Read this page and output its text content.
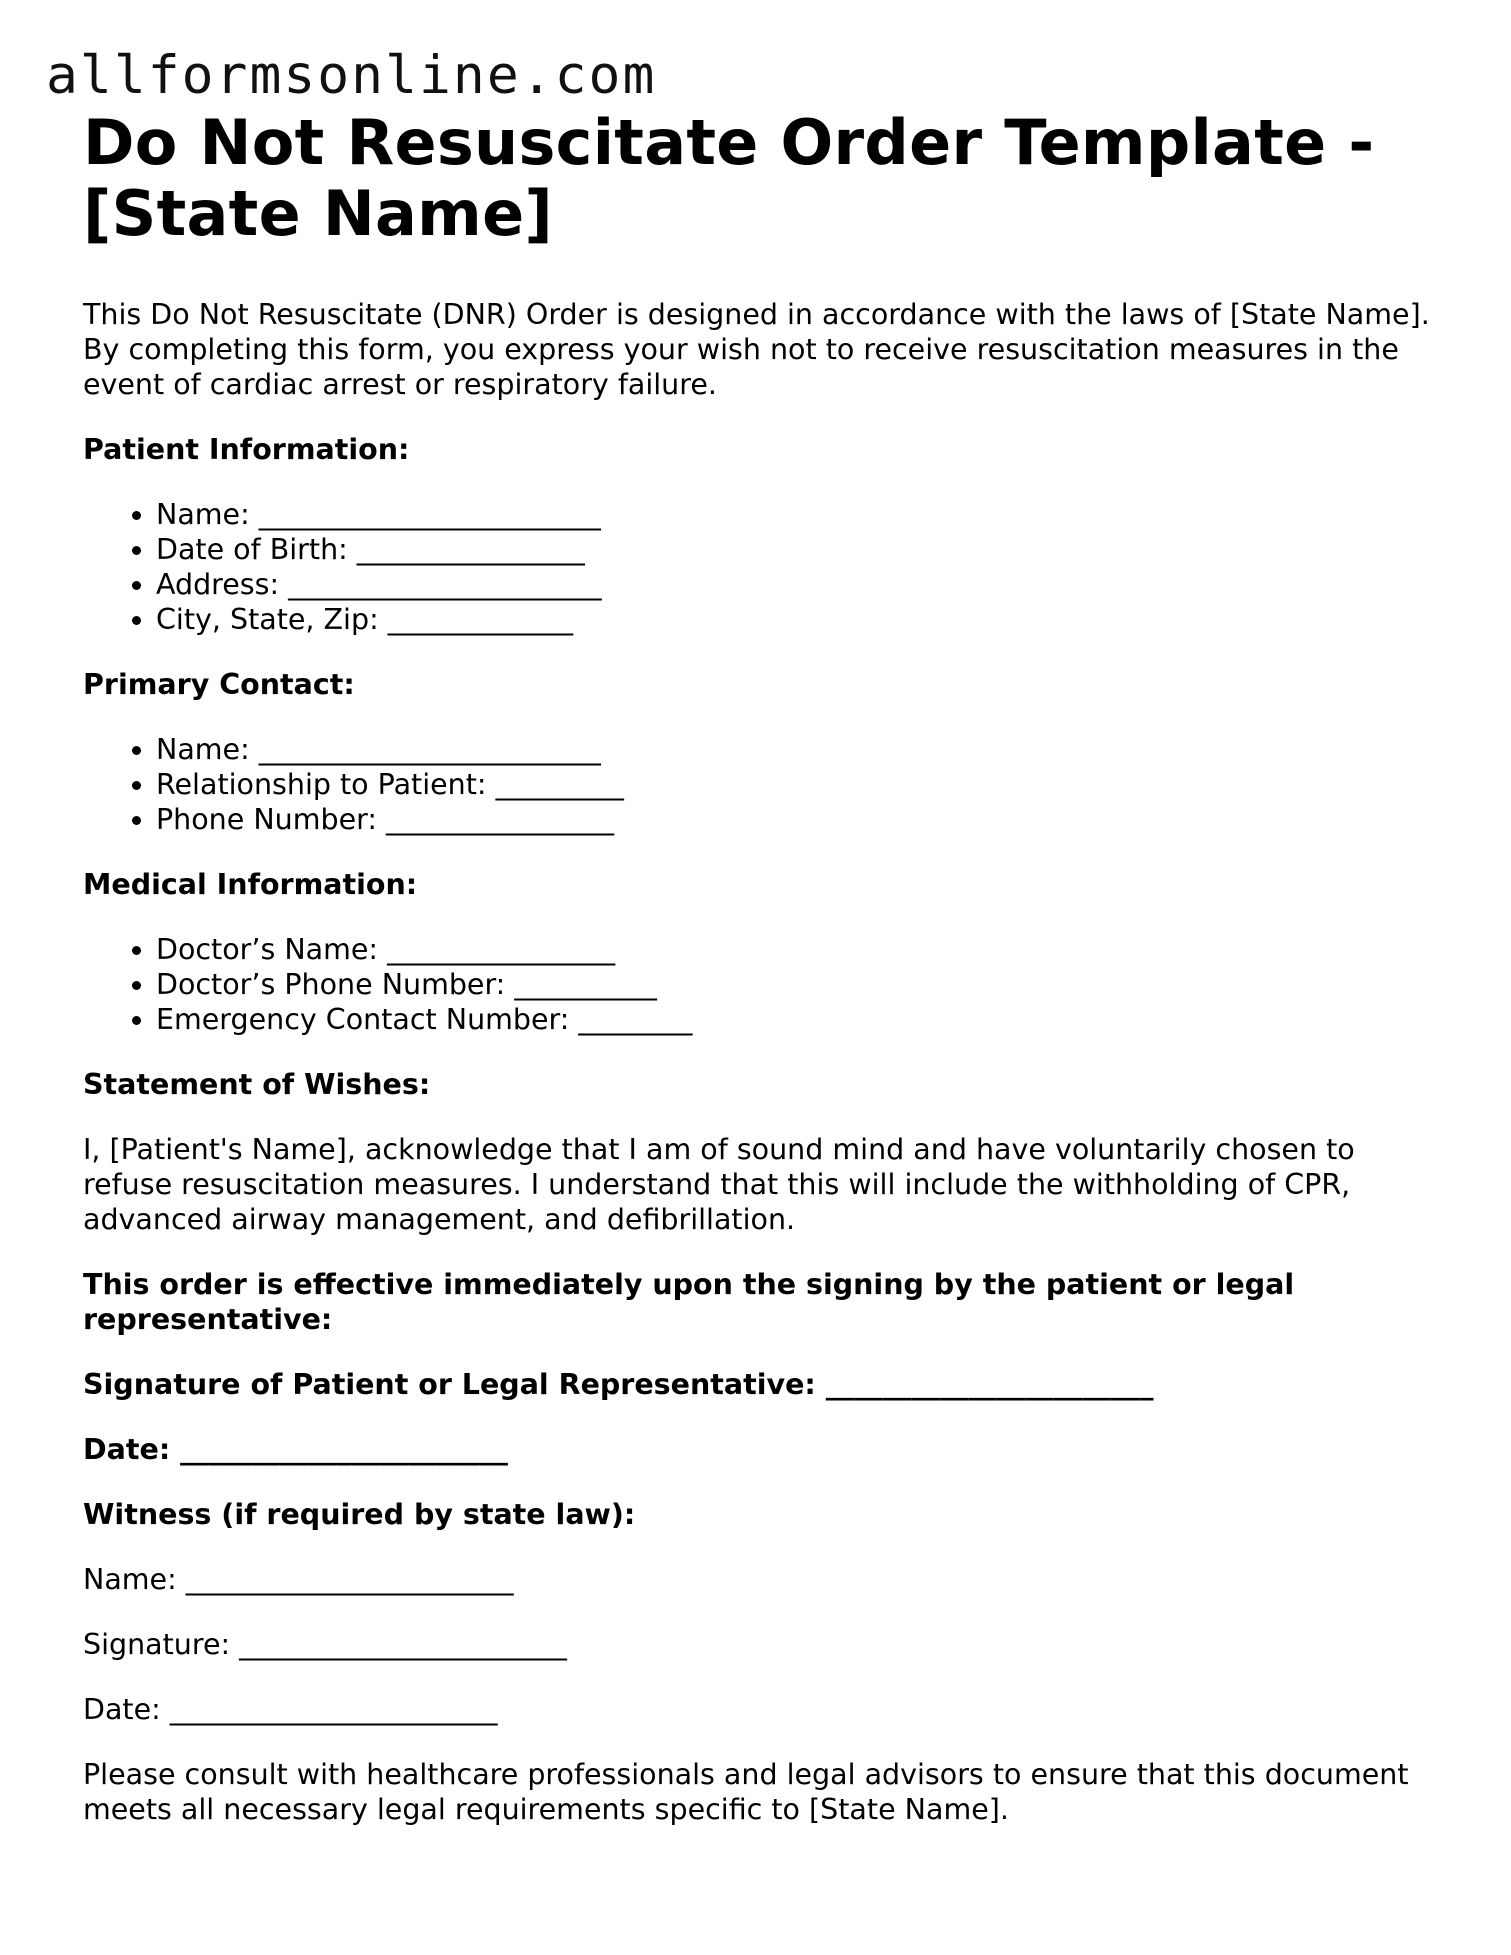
allformsonline.com
Do Not Resuscitate Order Template - [State Name]

This Do Not Resuscitate (DNR) Order is designed in accordance with the laws of [State Name]. By completing this form, you express your wish not to receive resuscitation measures in the event of cardiac arrest or respiratory failure.

Patient Information:

• Name: ________________________
• Date of Birth: ________________
• Address: ______________________
• City, State, Zip: _____________

Primary Contact:

• Name: ________________________
• Relationship to Patient: _________
• Phone Number: ________________

Medical Information:

• Doctor’s Name: ________________
• Doctor’s Phone Number: __________
• Emergency Contact Number: ________

Statement of Wishes:

I, [Patient's Name], acknowledge that I am of sound mind and have voluntarily chosen to refuse resuscitation measures. I understand that this will include the withholding of CPR, advanced airway management, and defibrillation.

This order is effective immediately upon the signing by the patient or legal representative:

Signature of Patient or Legal Representative: _______________________

Date: _______________________

Witness (if required by state law):

Name: _______________________

Signature: _______________________

Date: _______________________

Please consult with healthcare professionals and legal advisors to ensure that this document meets all necessary legal requirements specific to [State Name].
